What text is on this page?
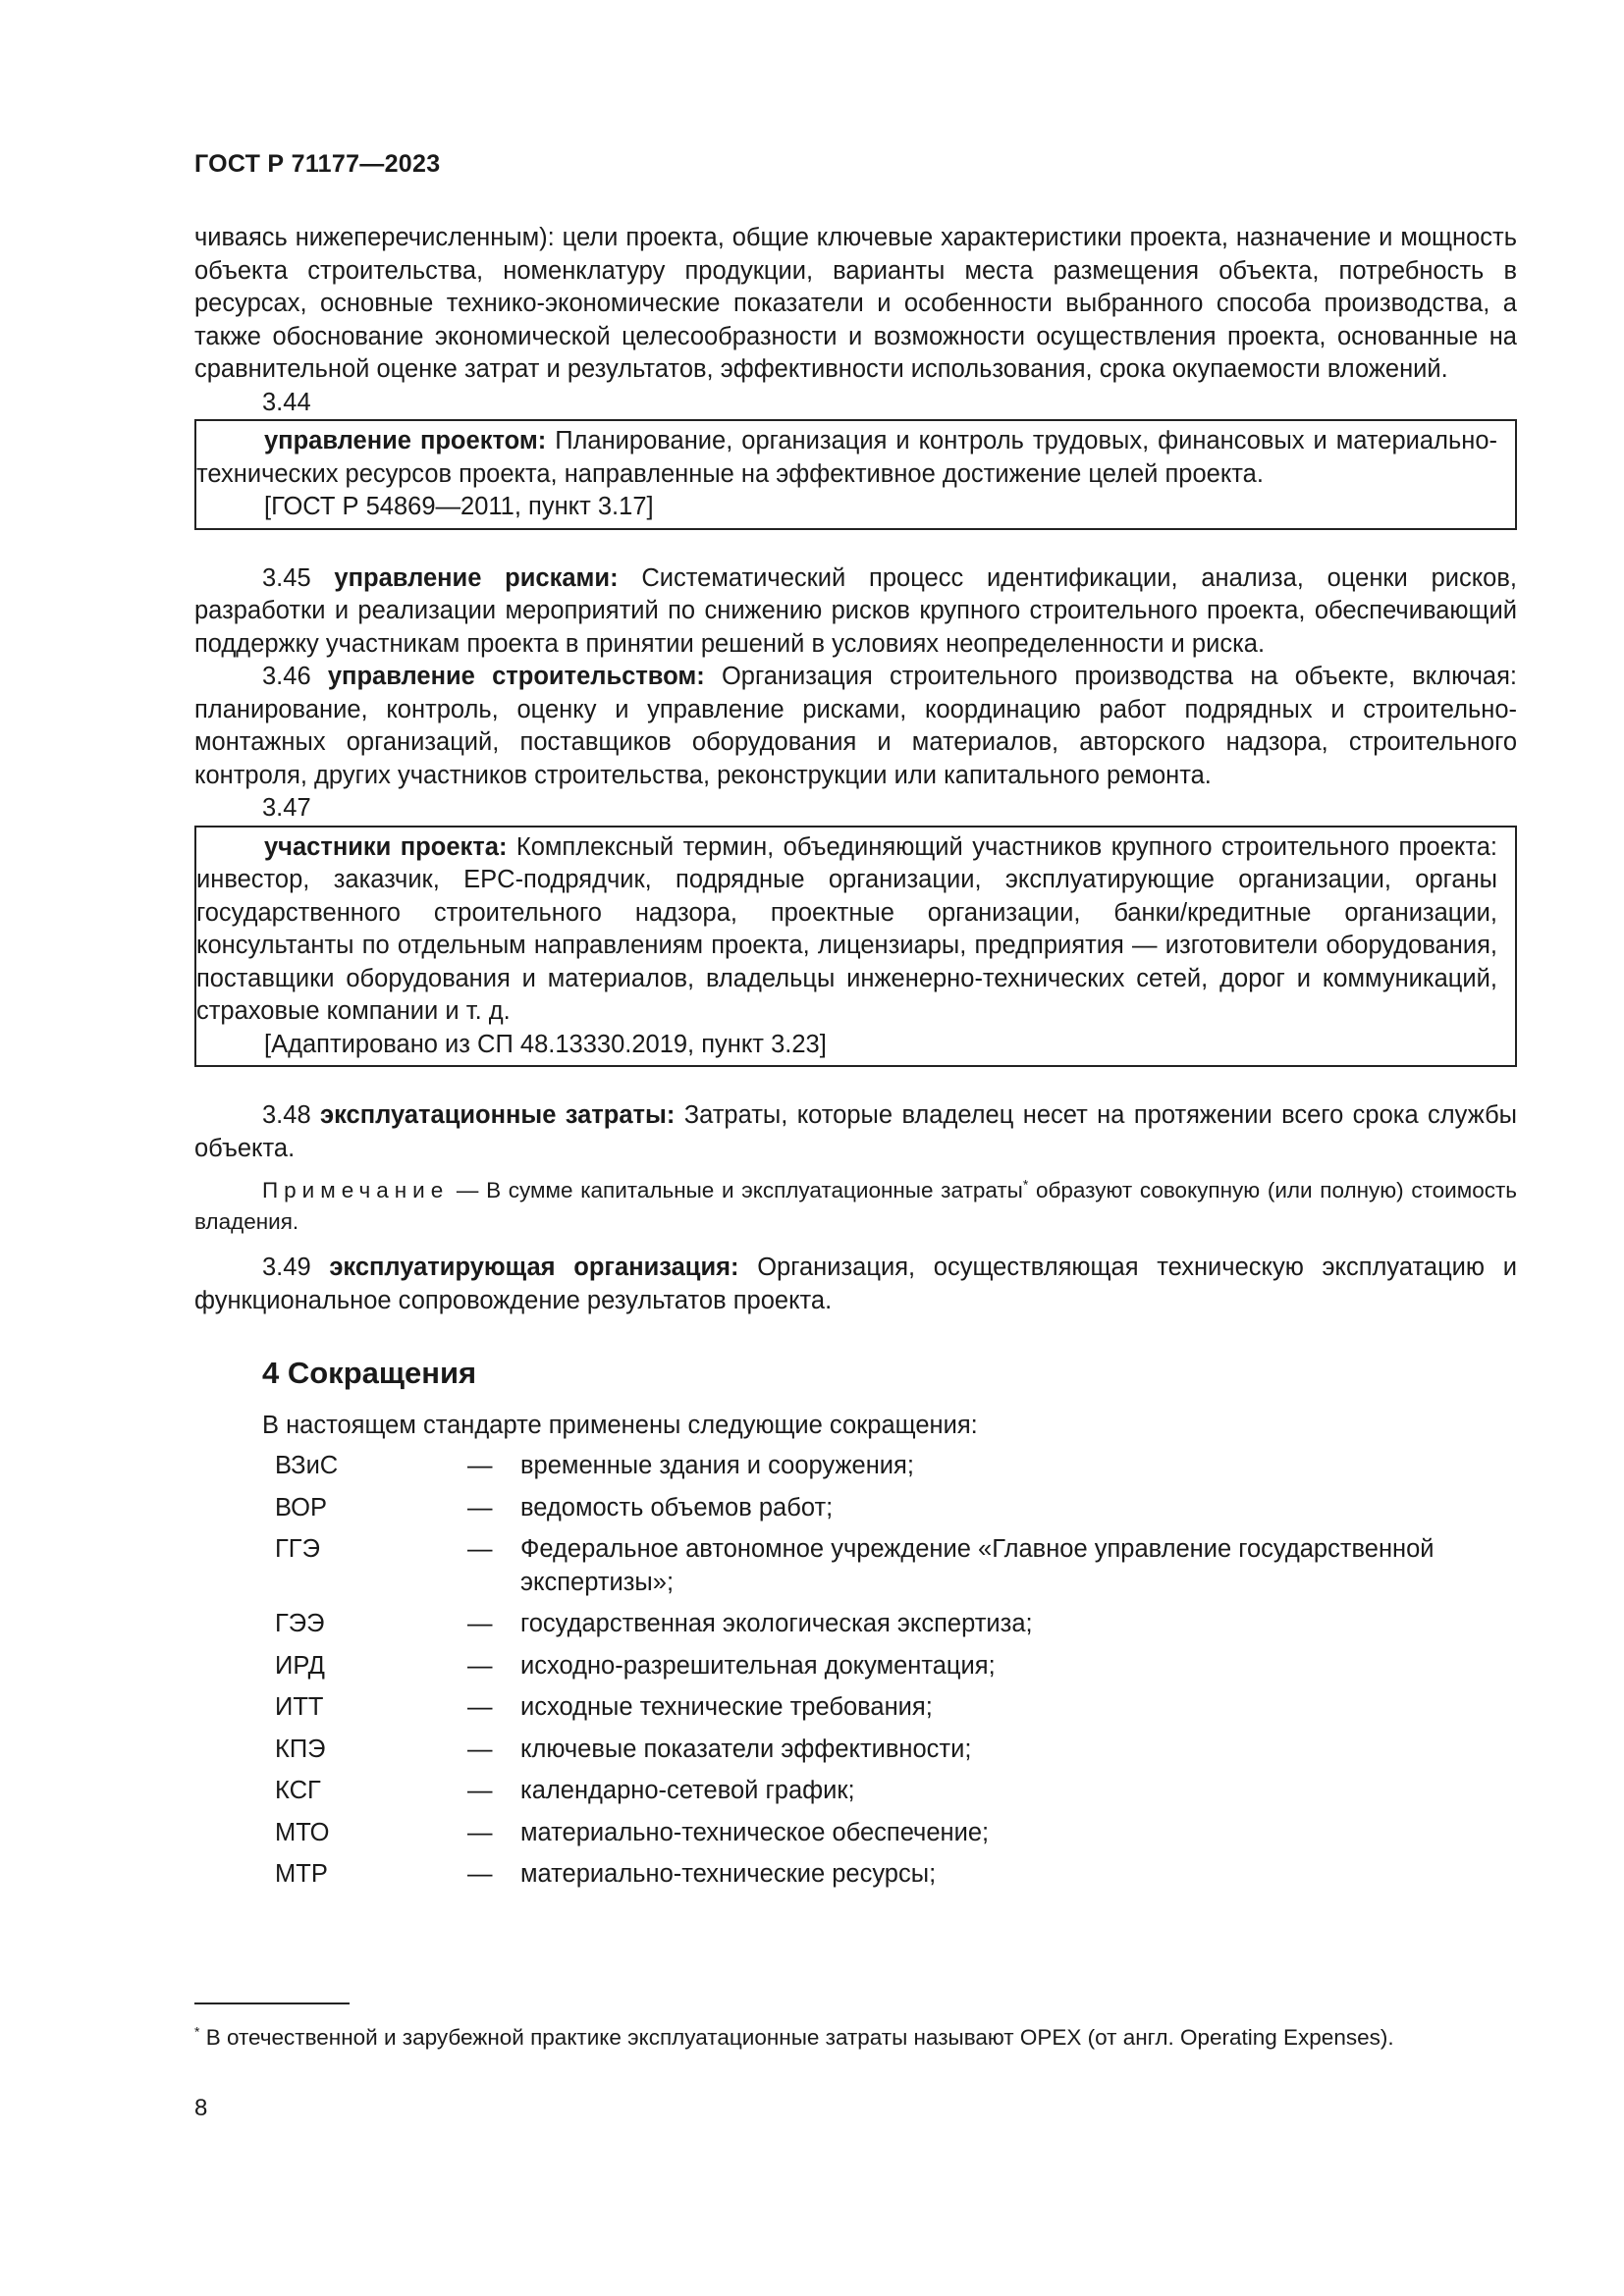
ГОСТ Р 71177—2023

чиваясь нижеперечисленным): цели проекта, общие ключевые характеристики проекта, назначение и мощность объекта строительства, номенклатуру продукции, варианты места размещения объекта, потребность в ресурсах, основные технико-экономические показатели и особенности выбранного способа производства, а также обоснование экономической целесообразности и возможности осуществления проекта, основанные на сравнительной оценке затрат и результатов, эффективности использования, срока окупаемости вложений.

3.44

управление проектом: Планирование, организация и контроль трудовых, финансовых и материально-технических ресурсов проекта, направленные на эффективное достижение целей проекта.

[ГОСТ Р 54869—2011, пункт 3.17]

3.45 управление рисками: Систематический процесс идентификации, анализа, оценки рисков, разработки и реализации мероприятий по снижению рисков крупного строительного проекта, обеспечивающий поддержку участникам проекта в принятии решений в условиях неопределенности и риска.

3.46 управление строительством: Организация строительного производства на объекте, включая: планирование, контроль, оценку и управление рисками, координацию работ подрядных и строительно-монтажных организаций, поставщиков оборудования и материалов, авторского надзора, строительного контроля, других участников строительства, реконструкции или капитального ремонта.

3.47

участники проекта: Комплексный термин, объединяющий участников крупного строительного проекта: инвестор, заказчик, EPC-подрядчик, подрядные организации, эксплуатирующие организации, органы государственного строительного надзора, проектные организации, банки/кредитные организации, консультанты по отдельным направлениям проекта, лицензиары, предприятия — изготовители оборудования, поставщики оборудования и материалов, владельцы инженерно-технических сетей, дорог и коммуникаций, страховые компании и т. д.

[Адаптировано из СП 48.13330.2019, пункт 3.23]

3.48 эксплуатационные затраты: Затраты, которые владелец несет на протяжении всего срока службы объекта.

Примечание — В сумме капитальные и эксплуатационные затраты* образуют совокупную (или полную) стоимость владения.

3.49 эксплуатирующая организация: Организация, осуществляющая техническую эксплуатацию и функциональное сопровождение результатов проекта.

4 Сокращения

В настоящем стандарте применены следующие сокращения:

ВЗиС	—	временные здания и сооружения;
ВОР	—	ведомость объемов работ;
ГГЭ	—	Федеральное автономное учреждение «Главное управление государственной экспертизы»;
ГЭЭ	—	государственная экологическая экспертиза;
ИРД	—	исходно-разрешительная документация;
ИТТ	—	исходные технические требования;
КПЭ	—	ключевые показатели эффективности;
КСГ	—	календарно-сетевой график;
МТО	—	материально-техническое обеспечение;
МТР	—	материально-технические ресурсы;

* В отечественной и зарубежной практике эксплуатационные затраты называют OPEX (от англ. Operating Expenses).

8
